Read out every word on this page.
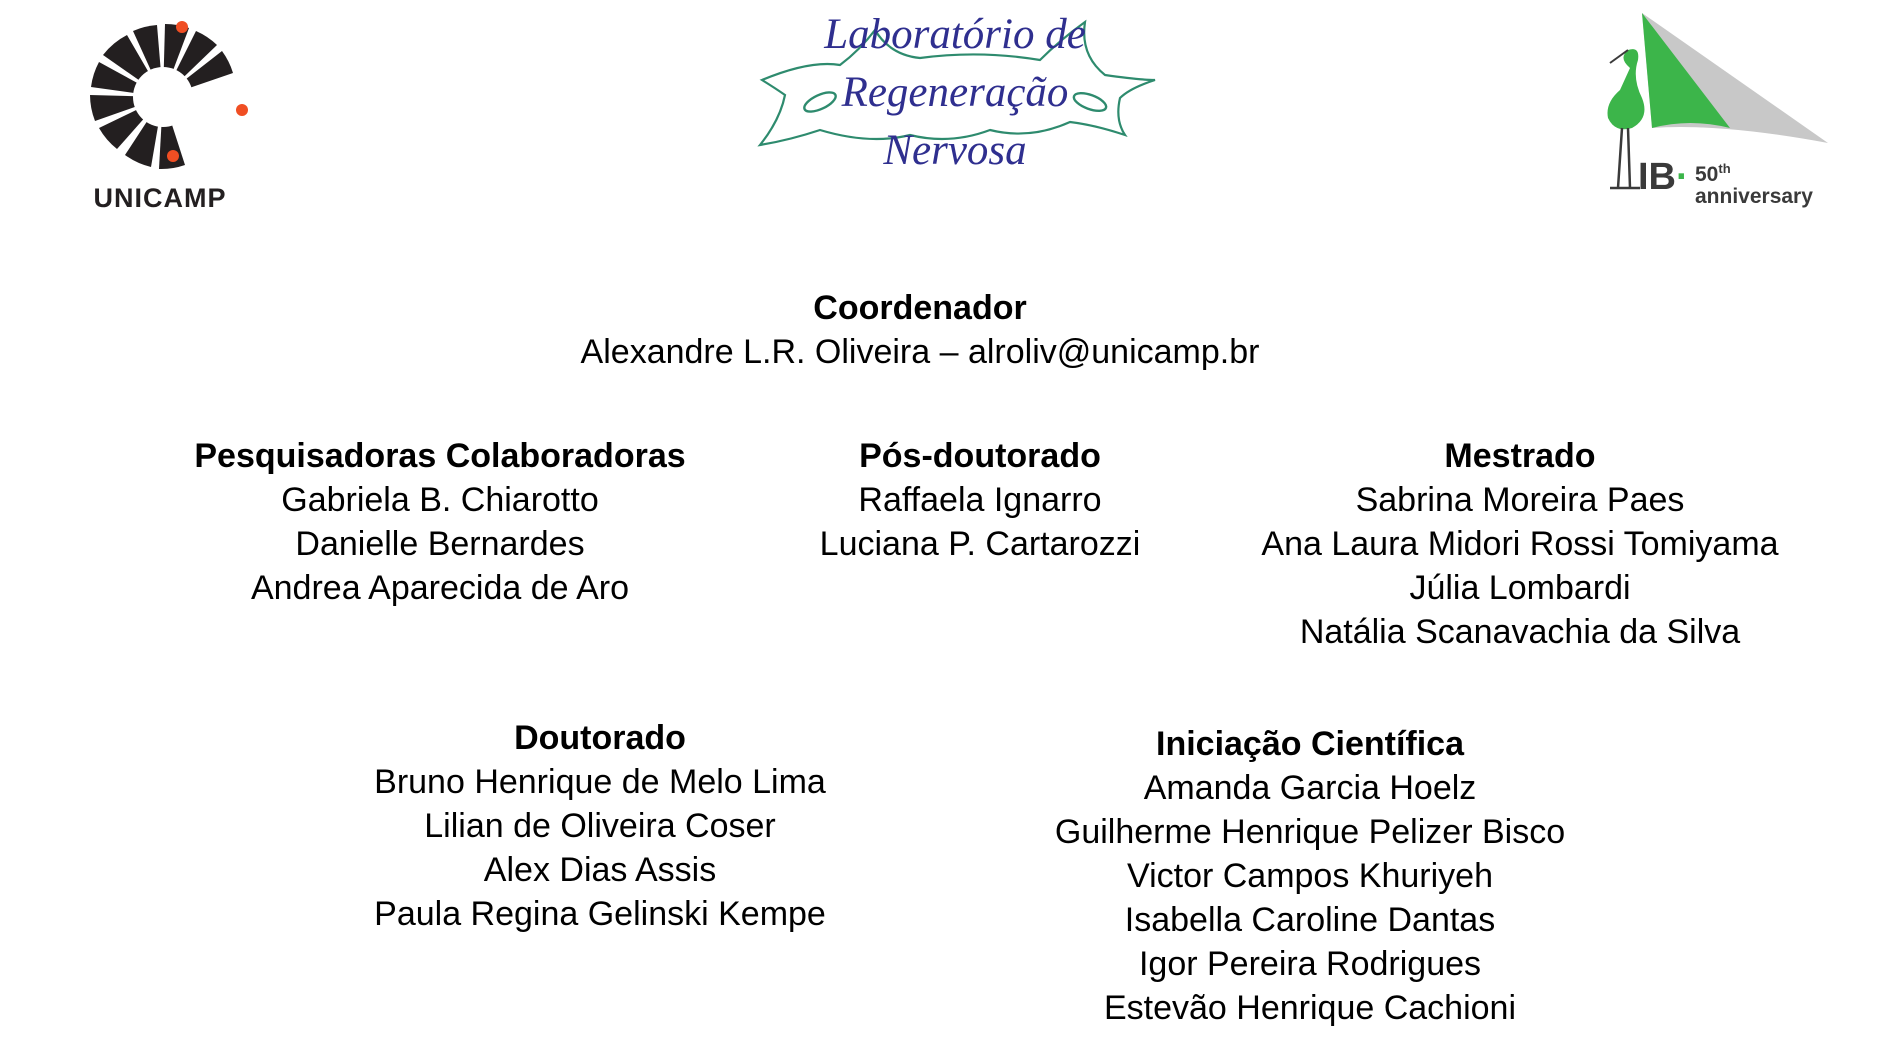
UNICAMP
Laboratório de
Regeneração
Nervosa
IB· 50th
anniversary
Coordenador
Alexandre L.R. Oliveira – alroliv@unicamp.br
Pesquisadoras Colaboradoras
Gabriela B. Chiarotto
Danielle Bernardes
Andrea Aparecida de Aro
Pós-doutorado
Raffaela Ignarro
Luciana P. Cartarozzi
Mestrado
Sabrina Moreira Paes
Ana Laura Midori Rossi Tomiyama
Júlia Lombardi
Natália Scanavachia da Silva
Doutorado
Bruno Henrique de Melo Lima
Lilian de Oliveira Coser
Alex Dias Assis
Paula Regina Gelinski Kempe
Iniciação Científica
Amanda Garcia Hoelz
Guilherme Henrique Pelizer Bisco
Victor Campos Khuriyeh
Isabella Caroline Dantas
Igor Pereira Rodrigues
Estevão Henrique Cachioni
